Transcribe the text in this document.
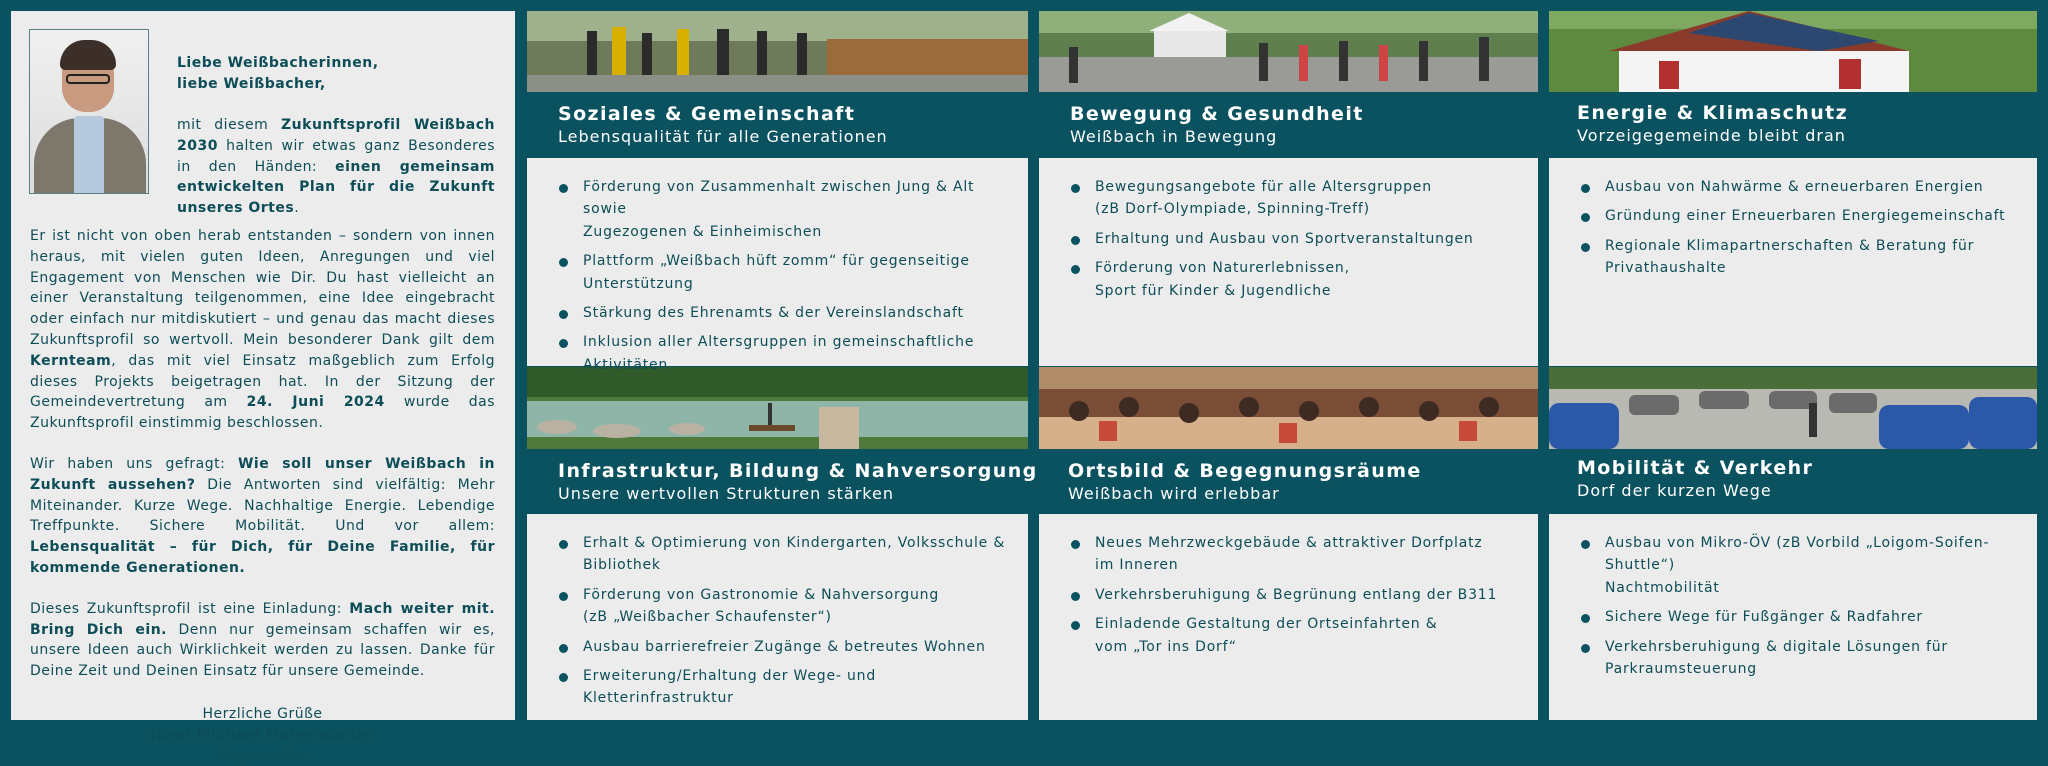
Liebe Weißbacherinnen,
liebe Weißbacher,
mit diesem Zukunftsprofil Weißbach 2030 halten wir etwas ganz Besonderes in den Händen: einen gemeinsam entwickelten Plan für die Zukunft unseres Ortes.
Er ist nicht von oben herab entstanden – sondern von innen heraus, mit vielen guten Ideen, Anregungen und viel Engagement von Menschen wie Dir. Du hast vielleicht an einer Veranstaltung teilgenommen, eine Idee eingebracht oder einfach nur mitdiskutiert – und genau das macht dieses Zukunftsprofil so wertvoll. Mein besonderer Dank gilt dem Kernteam, das mit viel Einsatz maßgeblich zum Erfolg dieses Projekts beigetragen hat. In der Sitzung der Gemeindevertretung am 24. Juni 2024 wurde das Zukunftsprofil einstimmig beschlossen.
Wir haben uns gefragt: Wie soll unser Weißbach in Zukunft aussehen? Die Antworten sind vielfältig: Mehr Miteinander. Kurze Wege. Nachhaltige Energie. Lebendige Treffpunkte. Sichere Mobilität. Und vor allem: Lebensqualität – für Dich, für Deine Familie, für kommende Generationen.
Dieses Zukunftsprofil ist eine Einladung: Mach weiter mit. Bring Dich ein. Denn nur gemeinsam schaffen wir es, unsere Ideen auch Wirklichkeit werden zu lassen. Danke für Deine Zeit und Deinen Einsatz für unsere Gemeinde.
Herzliche Grüße
Josef Michael Hohenwarter
Bürgermeister
Soziales & Gemeinschaft
Lebensqualität für alle Generationen
Bewegung & Gesundheit
Weißbach in Bewegung
Energie & Klimaschutz
Vorzeigegemeinde bleibt dran
Infrastruktur, Bildung & Nahversorgung
Unsere wertvollen Strukturen stärken
Ortsbild & Begegnungsräume
Weißbach wird erlebbar
Mobilität & Verkehr
Dorf der kurzen Wege
Förderung von Zusammenhalt zwischen Jung & Alt sowie
Zugezogenen & Einheimischen
Plattform „Weißbach hüft zomm“ für gegenseitige
Unterstützung
Stärkung des Ehrenamts & der Vereinslandschaft
Inklusion aller Altersgruppen in gemeinschaftliche
Aktivitäten
Bewegungsangebote für alle Altersgruppen
(zB Dorf-Olympiade, Spinning-Treff)
Erhaltung und Ausbau von Sportveranstaltungen
Förderung von Naturerlebnissen,
Sport für Kinder & Jugendliche
Ausbau von Nahwärme & erneuerbaren Energien
Gründung einer Erneuerbaren Energiegemeinschaft
Regionale Klimapartnerschaften & Beratung für
Privathaushalte
Erhalt & Optimierung von Kindergarten, Volksschule &
Bibliothek
Förderung von Gastronomie & Nahversorgung
(zB „Weißbacher Schaufenster“)
Ausbau barrierefreier Zugänge & betreutes Wohnen
Erweiterung/Erhaltung der Wege- und Kletterinfrastruktur
Neues Mehrzweckgebäude & attraktiver Dorfplatz
im Inneren
Verkehrsberuhigung & Begrünung entlang der B311
Einladende Gestaltung der Ortseinfahrten &
vom „Tor ins Dorf“
Ausbau von Mikro-ÖV (zB Vorbild „Loigom-Soifen-Shuttle“)
Nachtmobilität
Sichere Wege für Fußgänger & Radfahrer
Verkehrsberuhigung & digitale Lösungen für
Parkraumsteuerung
